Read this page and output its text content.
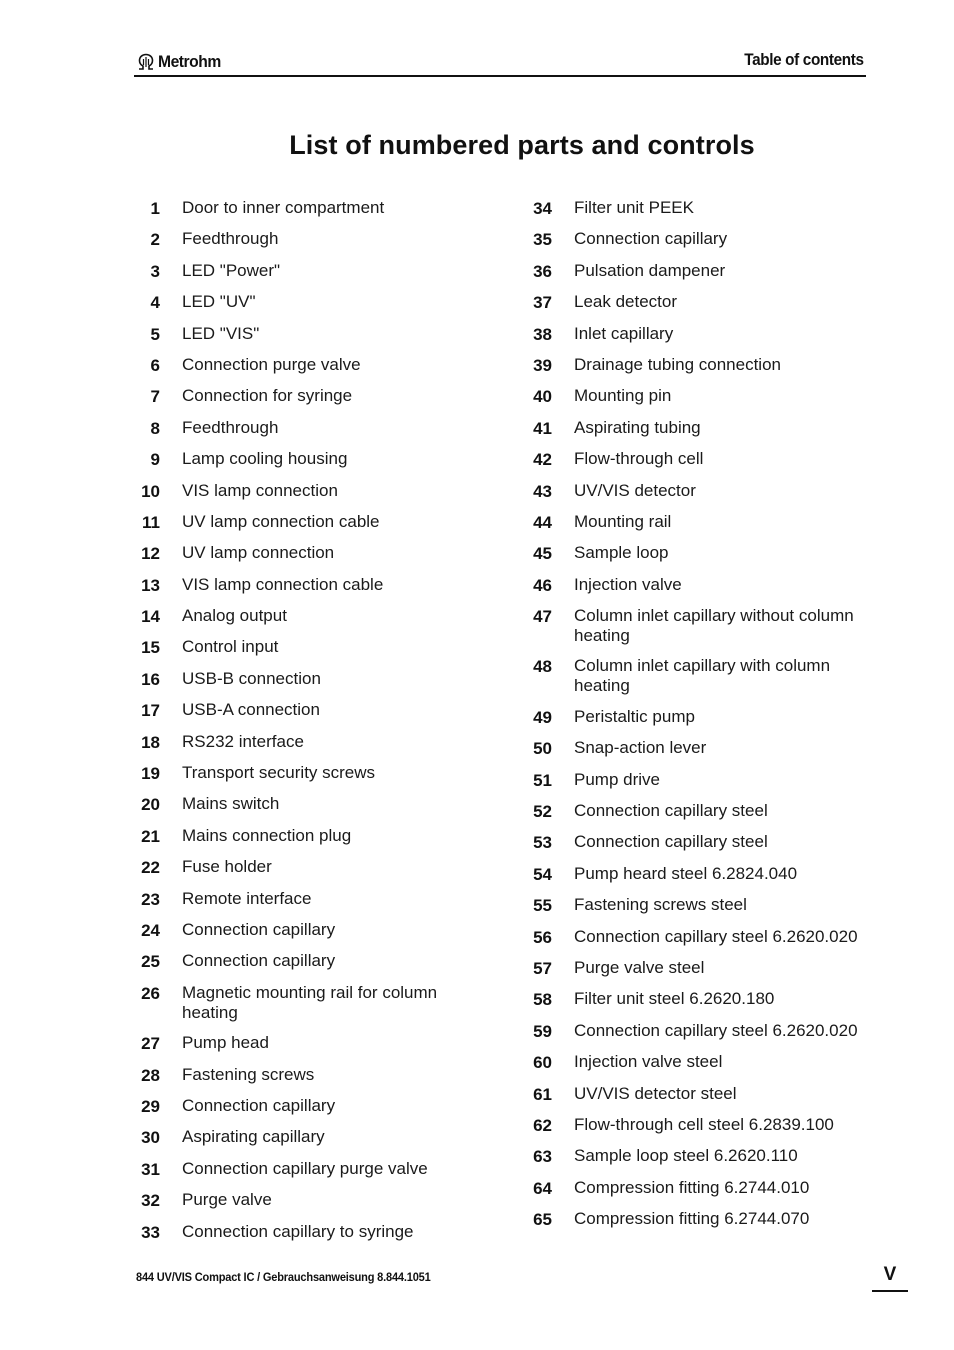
Metrohm	Table of contents
List of numbered parts and controls
1 Door to inner compartment
2 Feedthrough
3 LED "Power"
4 LED "UV"
5 LED "VIS"
6 Connection purge valve
7 Connection for syringe
8 Feedthrough
9 Lamp cooling housing
10 VIS lamp connection
11 UV lamp connection cable
12 UV lamp connection
13 VIS lamp connection cable
14 Analog output
15 Control input
16 USB-B connection
17 USB-A connection
18 RS232 interface
19 Transport security screws
20 Mains switch
21 Mains connection plug
22 Fuse holder
23 Remote interface
24 Connection capillary
25 Connection capillary
26 Magnetic mounting rail for column heating
27 Pump head
28 Fastening screws
29 Connection capillary
30 Aspirating capillary
31 Connection capillary purge valve
32 Purge valve
33 Connection capillary to syringe
34 Filter unit PEEK
35 Connection capillary
36 Pulsation dampener
37 Leak detector
38 Inlet capillary
39 Drainage tubing connection
40 Mounting pin
41 Aspirating tubing
42 Flow-through cell
43 UV/VIS detector
44 Mounting rail
45 Sample loop
46 Injection valve
47 Column inlet capillary without column heating
48 Column inlet capillary with column heating
49 Peristaltic pump
50 Snap-action lever
51 Pump drive
52 Connection capillary steel
53 Connection capillary steel
54 Pump heard steel 6.2824.040
55 Fastening screws steel
56 Connection capillary steel 6.2620.020
57 Purge valve steel
58 Filter unit steel 6.2620.180
59 Connection capillary steel 6.2620.020
60 Injection valve steel
61 UV/VIS detector steel
62 Flow-through cell steel 6.2839.100
63 Sample loop steel 6.2620.110
64 Compression fitting 6.2744.010
65 Compression fitting 6.2744.070
844 UV/VIS Compact IC / Gebrauchsanweisung 8.844.1051	V
